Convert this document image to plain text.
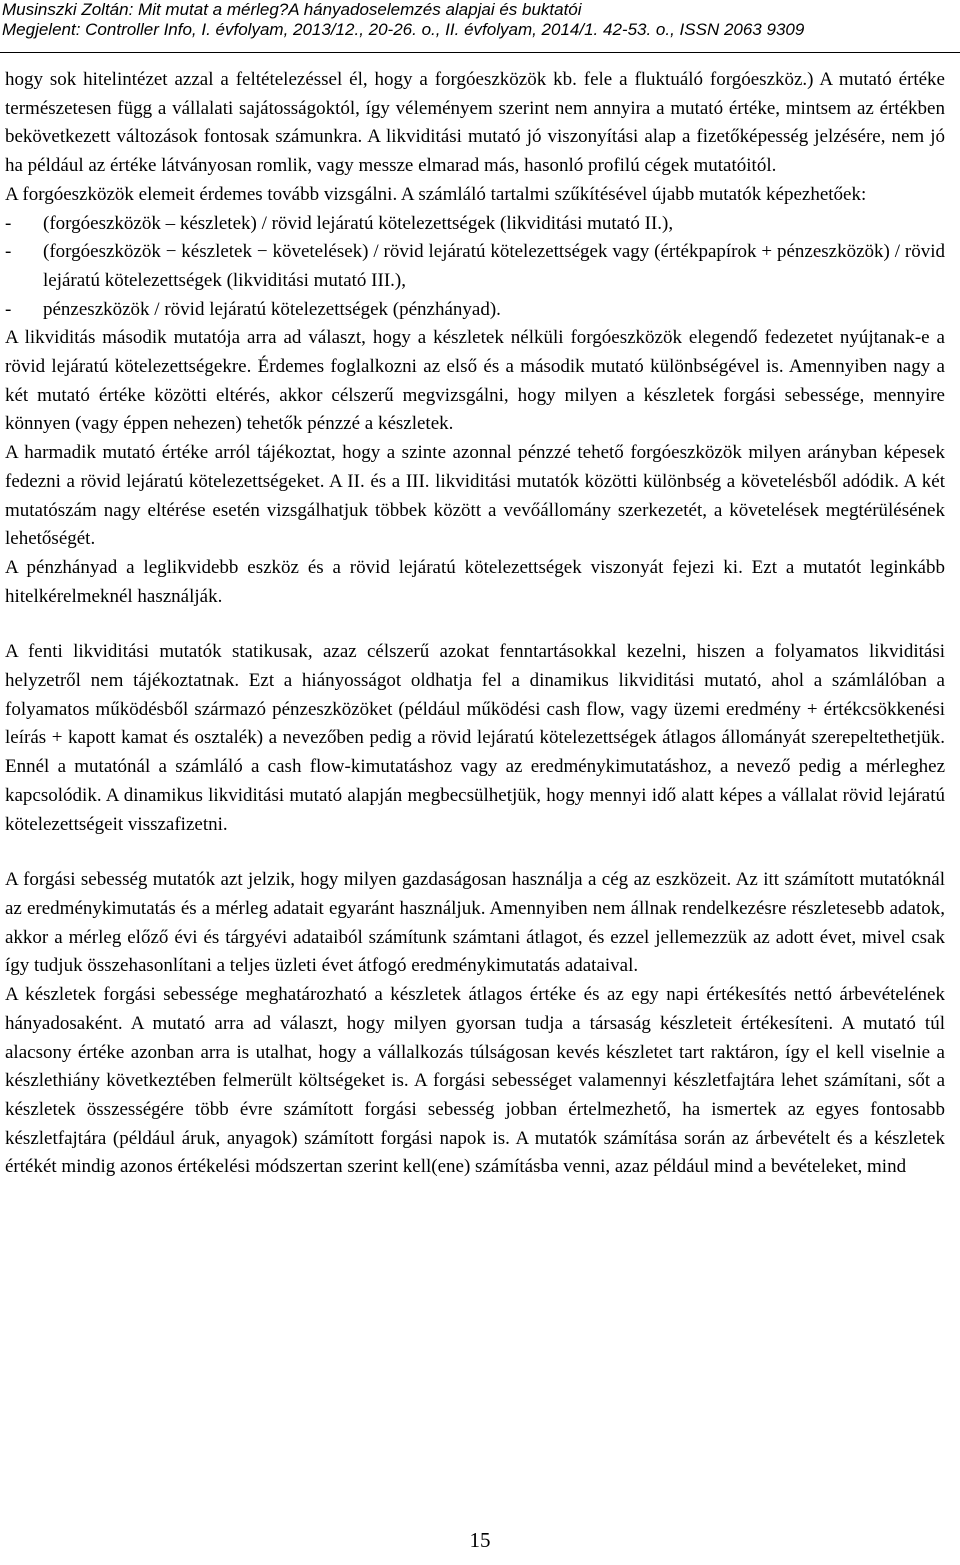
Musinszki Zoltán: Mit mutat a mérleg?A hányadoselemzés alapjai és buktatói
Megjelent: Controller Info, I. évfolyam, 2013/12., 20-26. o., II. évfolyam, 2014/1. 42-53. o., ISSN 2063 9309

hogy sok hitelintézet azzal a feltételezéssel él, hogy a forgóeszközök kb. fele a fluktuáló forgóeszköz.) A mutató értéke természetesen függ a vállalati sajátosságoktól, így véleményem szerint nem annyira a mutató értéke, mintsem az értékben bekövetkezett változások fontosak számunkra. A likviditási mutató jó viszonyítási alap a fizetőképesség jelzésére, nem jó ha például az értéke látványosan romlik, vagy messze elmarad más, hasonló profilú cégek mutatóitól.

A forgóeszközök elemeit érdemes tovább vizsgálni. A számláló tartalmi szűkítésével újabb mutatók képezhetőek:

- (forgóeszközök – készletek) / rövid lejáratú kötelezettségek (likviditási mutató II.),
- (forgóeszközök − készletek − követelések) / rövid lejáratú kötelezettségek vagy (értékpapírok + pénzeszközök) / rövid lejáratú kötelezettségek (likviditási mutató III.),
- pénzeszközök / rövid lejáratú kötelezettségek (pénzhányad).

A likviditás második mutatója arra ad választ, hogy a készletek nélküli forgóeszközök elegendő fedezetet nyújtanak-e a rövid lejáratú kötelezettségekre. Érdemes foglalkozni az első és a második mutató különbségével is. Amennyiben nagy a két mutató értéke közötti eltérés, akkor célszerű megvizsgálni, hogy milyen a készletek forgási sebessége, mennyire könnyen (vagy éppen nehezen) tehetők pénzzé a készletek.

A harmadik mutató értéke arról tájékoztat, hogy a szinte azonnal pénzzé tehető forgóeszközök milyen arányban képesek fedezni a rövid lejáratú kötelezettségeket. A II. és a III. likviditási mutatók közötti különbség a követelésből adódik. A két mutatószám nagy eltérése esetén vizsgálhatjuk többek között a vevőállomány szerkezetét, a követelések megtérülésének lehetőségét.

A pénzhányad a leglikvidebb eszköz és a rövid lejáratú kötelezettségek viszonyát fejezi ki. Ezt a mutatót leginkább hitelkérelmeknél használják.

A fenti likviditási mutatók statikusak, azaz célszerű azokat fenntartásokkal kezelni, hiszen a folyamatos likviditási helyzetről nem tájékoztatnak. Ezt a hiányosságot oldhatja fel a dinamikus likviditási mutató, ahol a számlálóban a folyamatos működésből származó pénzeszközöket (például működési cash flow, vagy üzemi eredmény + értékcsökkenési leírás + kapott kamat és osztalék) a nevezőben pedig a rövid lejáratú kötelezettségek átlagos állományát szerepeltethetjük. Ennél a mutatónál a számláló a cash flow-kimutatáshoz vagy az eredménykimutatáshoz, a nevező pedig a mérleghez kapcsolódik. A dinamikus likviditási mutató alapján megbecsülhetjük, hogy mennyi idő alatt képes a vállalat rövid lejáratú kötelezettségeit visszafizetni.

A forgási sebesség mutatók azt jelzik, hogy milyen gazdaságosan használja a cég az eszközeit. Az itt számított mutatóknál az eredménykimutatás és a mérleg adatait egyaránt használjuk. Amennyiben nem állnak rendelkezésre részletesebb adatok, akkor a mérleg előző évi és tárgyévi adataiból számítunk számtani átlagot, és ezzel jellemezzük az adott évet, mivel csak így tudjuk összehasonlítani a teljes üzleti évet átfogó eredménykimutatás adataival.

A készletek forgási sebessége meghatározható a készletek átlagos értéke és az egy napi értékesítés nettó árbevételének hányadosaként. A mutató arra ad választ, hogy milyen gyorsan tudja a társaság készleteit értékesíteni. A mutató túl alacsony értéke azonban arra is utalhat, hogy a vállalkozás túlságosan kevés készletet tart raktáron, így el kell viselnie a készlethiány következtében felmerült költségeket is. A forgási sebességet valamennyi készletfajtára lehet számítani, sőt a készletek összességére több évre számított forgási sebesség jobban értelmezhető, ha ismertek az egyes fontosabb készletfajtára (például áruk, anyagok) számított forgási napok is. A mutatók számítása során az árbevételt és a készletek értékét mindig azonos értékelési módszertan szerint kell(ene) számításba venni, azaz például mind a bevételeket, mind

15
